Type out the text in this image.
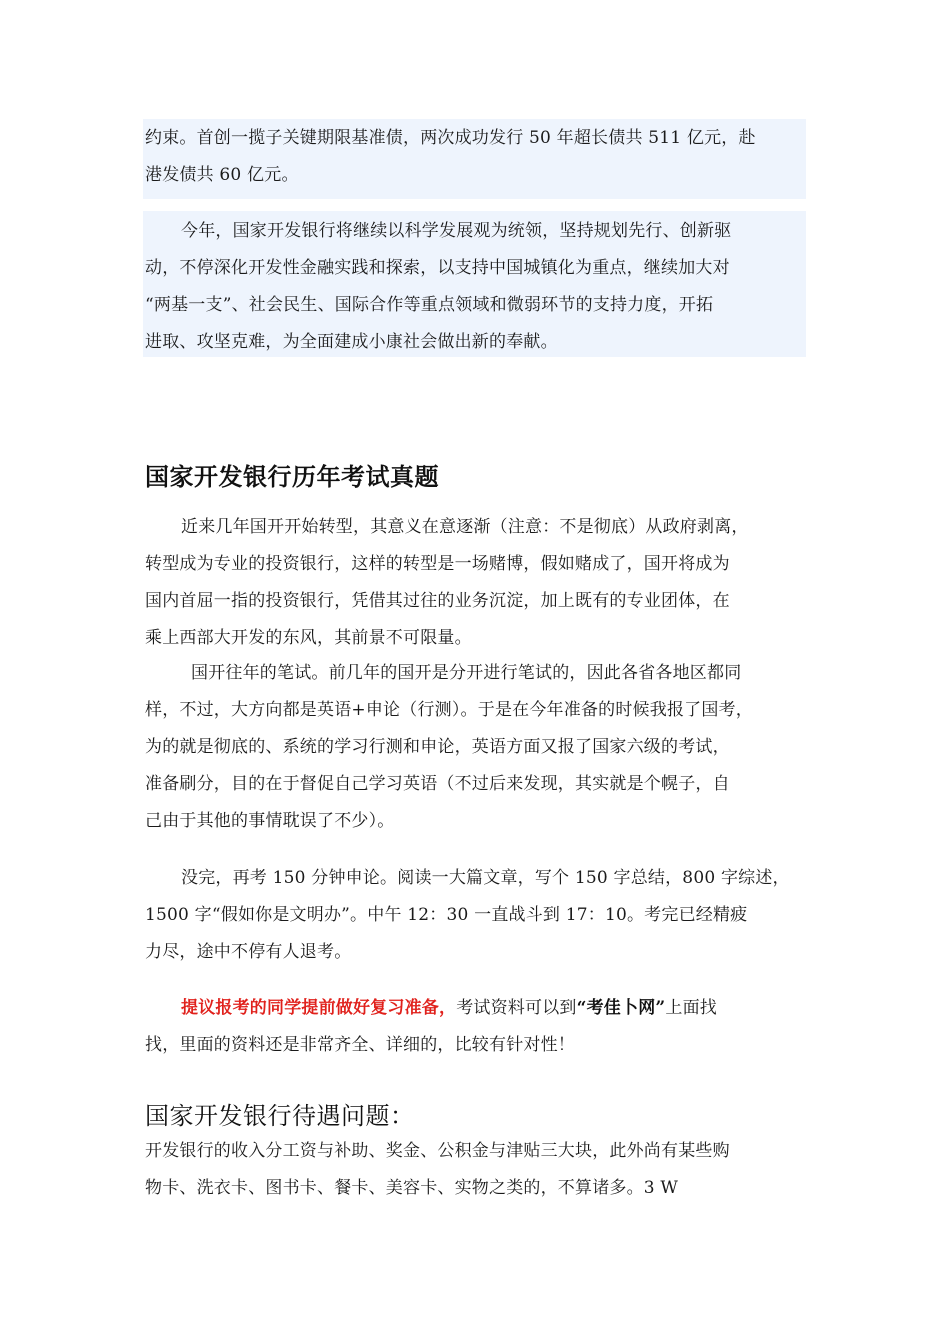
约束。首创一揽子关键期限基准债，两次成功发行 50 年超长债共 511 亿元，赴
港发债共 60 亿元。
今年，国家开发银行将继续以科学发展观为统领，坚持规划先行、创新驱
动，不停深化开发性金融实践和探索，以支持中国城镇化为重点，继续加大对
“两基一支”、社会民生、国际合作等重点领域和微弱环节的支持力度，开拓
进取、攻坚克难，为全面建成小康社会做出新的奉献。
国家开发银行历年考试真题
近来几年国开开始转型，其意义在意逐渐（注意：不是彻底）从政府剥离，
转型成为专业的投资银行，这样的转型是一场赌博，假如赌成了，国开将成为
国内首屈一指的投资银行，凭借其过往的业务沉淀，加上既有的专业团体，在
乘上西部大开发的东风，其前景不可限量。
国开往年的笔试。前几年的国开是分开进行笔试的，因此各省各地区都同
样，不过，大方向都是英语+申论（行测）。于是在今年准备的时候我报了国考，
为的就是彻底的、系统的学习行测和申论，英语方面又报了国家六级的考试，
准备刷分，目的在于督促自己学习英语（不过后来发现，其实就是个幌子，自
己由于其他的事情耽误了不少）。
没完，再考 150 分钟申论。阅读一大篇文章，写个 150 字总结，800 字综述，
1500 字“假如你是文明办”。中午 12：30 一直战斗到 17：10。考完已经精疲
力尽，途中不停有人退考。
提议报考的同学提前做好复习准备，考试资料可以到“考佳卜网”上面找
找，里面的资料还是非常齐全、详细的，比较有针对性！
国家开发银行待遇问题：
开发银行的收入分工资与补助、奖金、公积金与津贴三大块，此外尚有某些购
物卡、洗衣卡、图书卡、餐卡、美容卡、实物之类的，不算诸多。3 W
